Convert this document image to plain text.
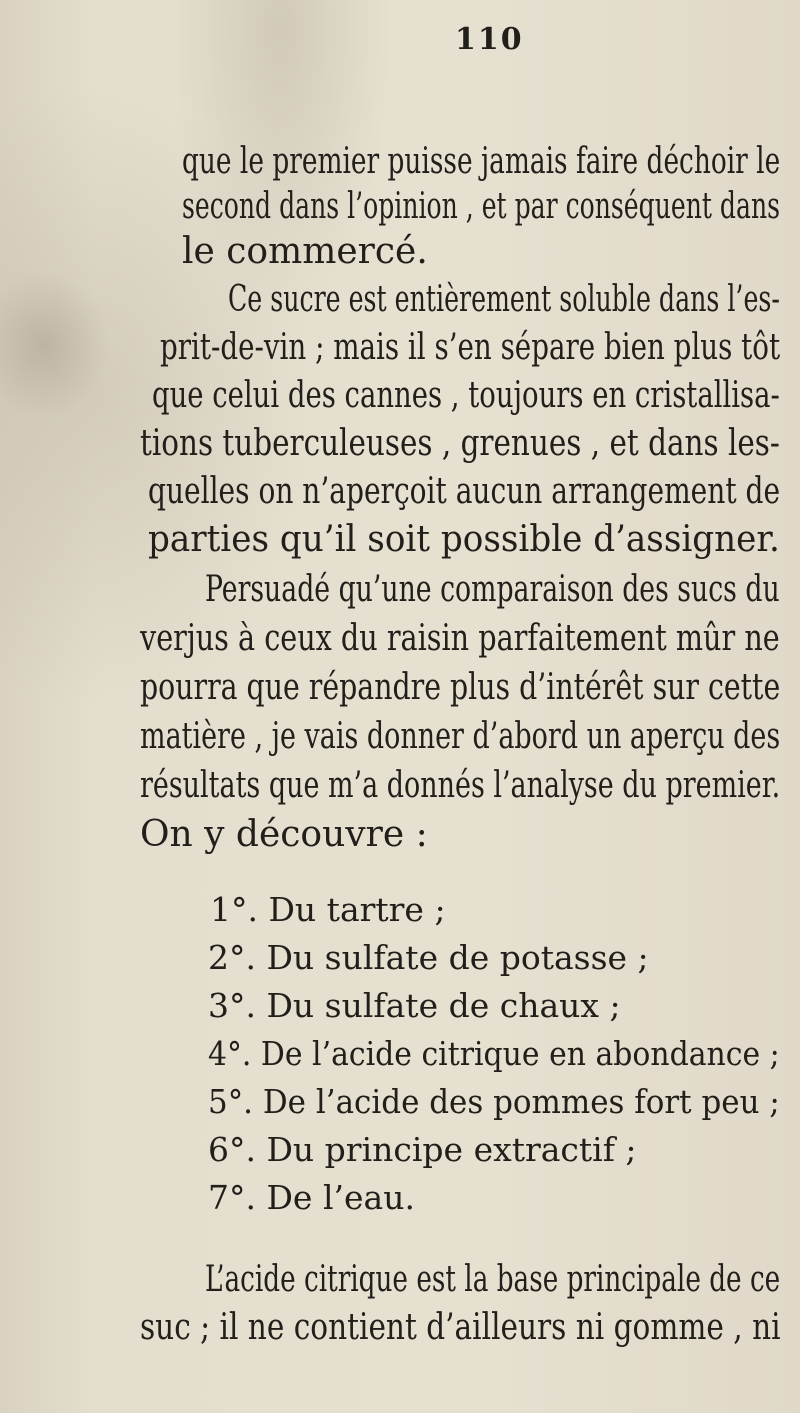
110
que le premier puisse jamais faire déchoir le
second dans l’opinion , et par conséquent dans
le commercé.
Ce sucre est entièrement soluble dans l’es-
prit-de-vin ; mais il s’en sépare bien plus tôt
que celui des cannes , toujours en cristallisa-
tions tuberculeuses , grenues , et dans les-
quelles on n’aperçoit aucun arrangement de
parties qu’il soit possible d’assigner.
Persuadé qu’une comparaison des sucs du
verjus à ceux du raisin parfaitement mûr ne
pourra que répandre plus d’intérêt sur cette
matière , je vais donner d’abord un aperçu des
résultats que m’a donnés l’analyse du premier.
On y découvre :
1°. Du tartre ;
2°. Du sulfate de potasse ;
3°. Du sulfate de chaux ;
4°. De l’acide citrique en abondance ;
5°. De l’acide des pommes fort peu ;
6°. Du principe extractif ;
7°. De l’eau.
L’acide citrique est la base principale de ce
suc ; il ne contient d’ailleurs ni gomme , ni
